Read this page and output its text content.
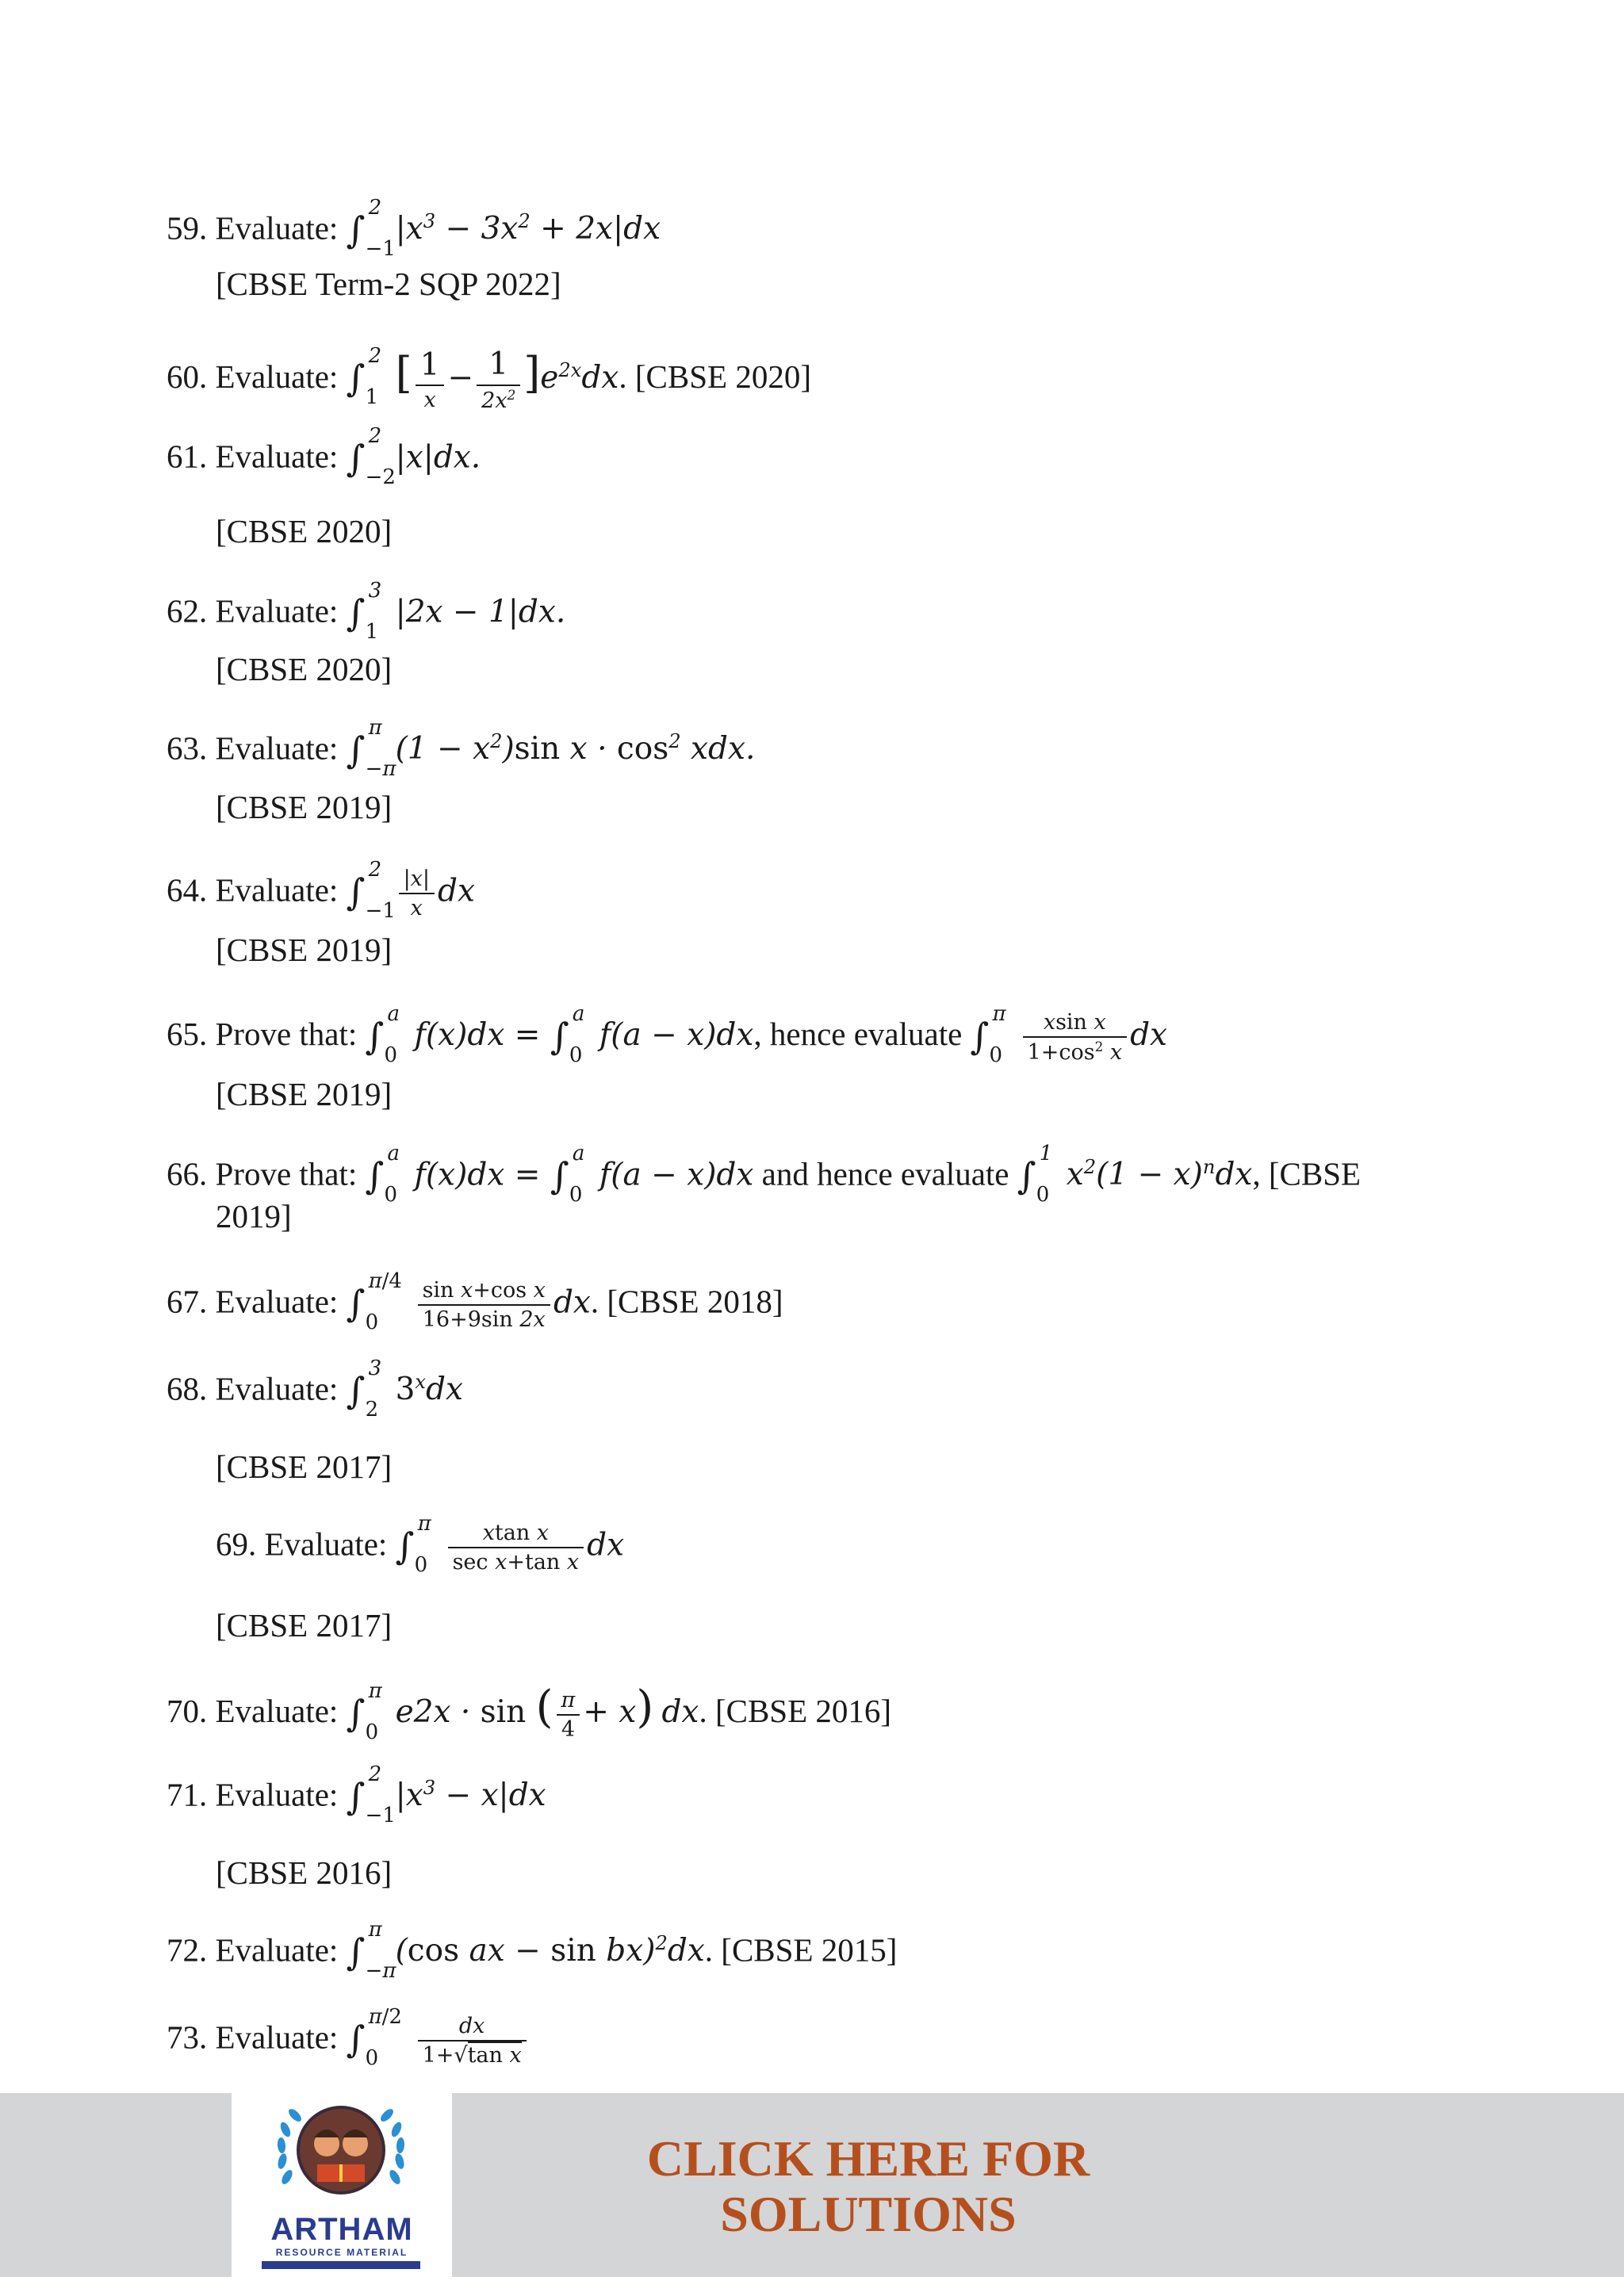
59. Evaluate: ∫
2
−1
$|x^3 - 3x^2 + 2x|dx$
[CBSE Term-2 SQP 2022]
60. Evaluate: ∫
2
1 [ $\frac{1}{x} - \frac{1}{2x^2} ]e^{2x}dx$. [CBSE 2020]
61. Evaluate: ∫
2
−2
|x|dx.
[CBSE 2020]
62. Evaluate: ∫
3
1
|2x − 1|dx.
[CBSE 2020]
63. Evaluate: ∫
π
−π
$(1 - x^2)\sin$ $x \cdot \cos^2$ xdx.
[CBSE 2019]
64. Evaluate: ∫
2
$-1 \frac{|x|}{x}$ dx
[CBSE 2019]
65. Prove that: ∫
a
0
f(x)dx = ∫
a
0
f(a − x)dx, hence evaluate ∫
π
$0 \frac{\text{xsin x}}{1+\cos^2 x}$ dx
[CBSE 2019]
66. Prove that: ∫
a
0
f(x)dx = ∫
a
0
f(a − x)dx and hence evaluate ∫
1
0
$x^2(1 - x)^ndx$, [CBSE
2019]
67. Evaluate: ∫
π/4
$0 \frac{\text{sin x+cos x}}{16+9\sin 2x}$ dx. [CBSE 2018]
68. Evaluate: ∫
3
2
3$^x$dx
[CBSE 2017]
69. Evaluate: ∫
π
$0 \frac{\text{xtan x}}{\text{sec x+tan x}}$ dx
[CBSE 2017]
70. Evaluate: ∫
π
0
e2x · sin ( $\frac{\pi}{4} + x$) dx. [CBSE 2016]
71. Evaluate: ∫
2
−1
$|x^3 - x|dx$
[CBSE 2016]
72. Evaluate: ∫
π
−π
(cos ax − sin bx)$^2$dx. [CBSE 2015]
73. Evaluate: ∫
π/2
$0 \frac{dx}{\text{1+√tan x}}$
ARTHAM
RESOURCE MATERIAL
CLICK HERE FOR
SOLUTIONS
